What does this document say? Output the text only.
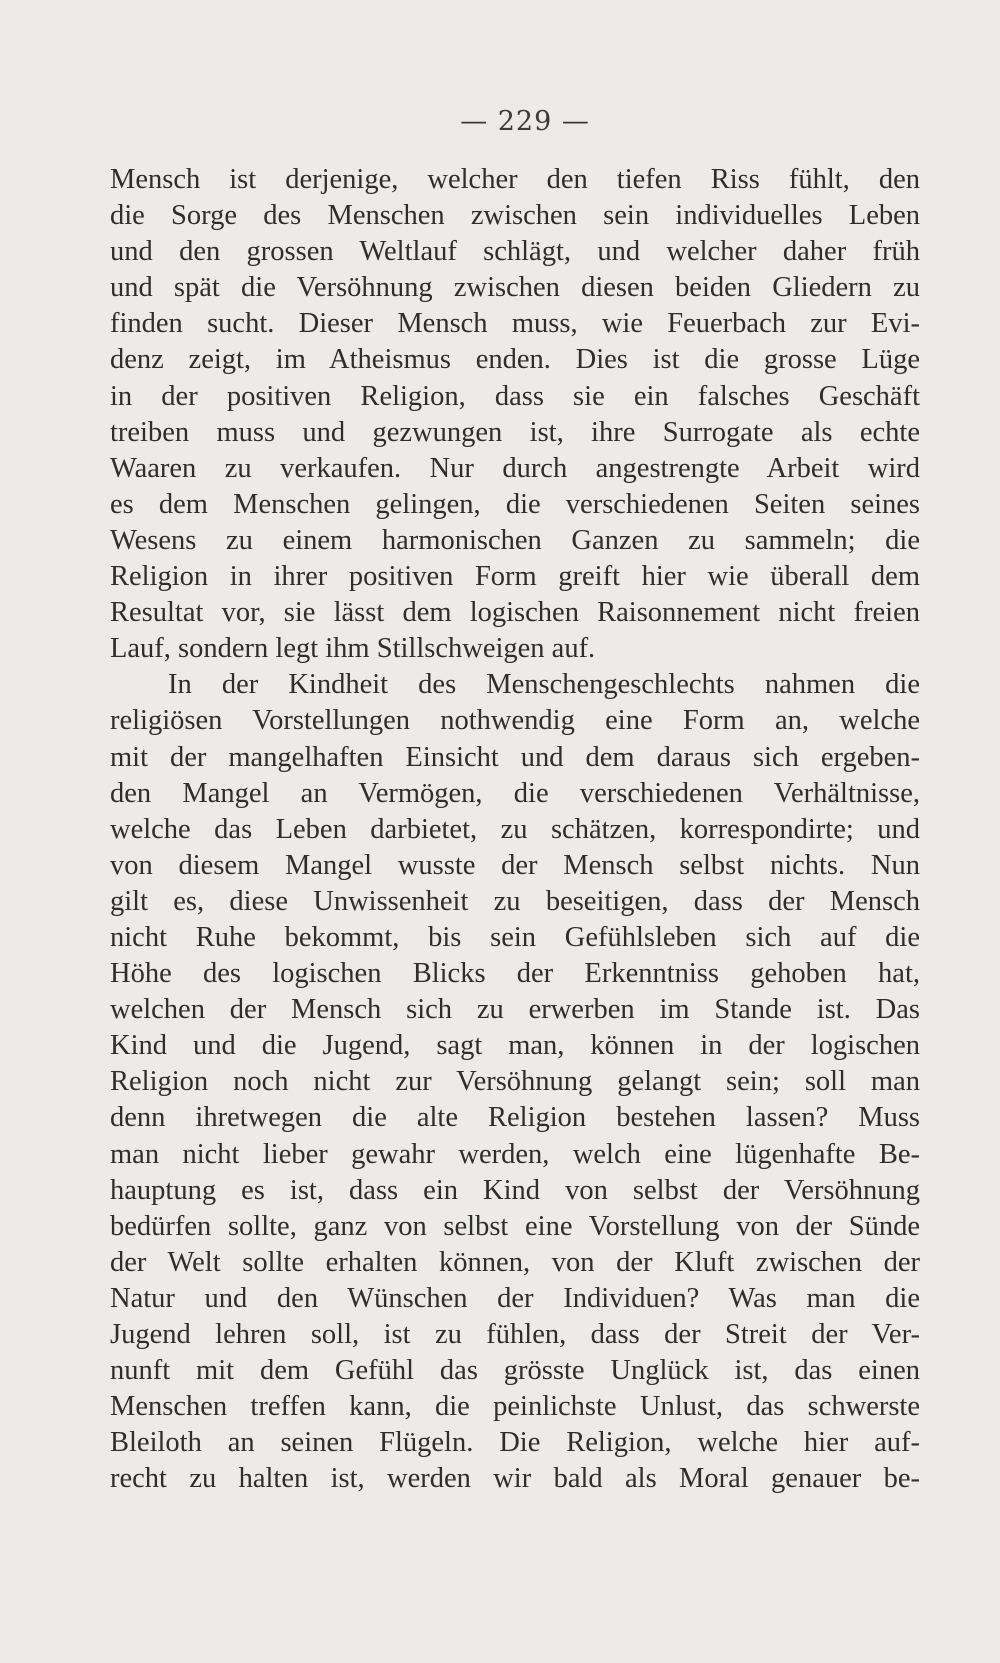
— 229 —
Mensch ist derjenige, welcher den tiefen Riss fühlt, den
die Sorge des Menschen zwischen sein individuelles Leben
und den grossen Weltlauf schlägt, und welcher daher früh
und spät die Versöhnung zwischen diesen beiden Gliedern zu
finden sucht. Dieser Mensch muss, wie Feuerbach zur Evi-
denz zeigt, im Atheismus enden. Dies ist die grosse Lüge
in der positiven Religion, dass sie ein falsches Geschäft
treiben muss und gezwungen ist, ihre Surrogate als echte
Waaren zu verkaufen. Nur durch angestrengte Arbeit wird
es dem Menschen gelingen, die verschiedenen Seiten seines
Wesens zu einem harmonischen Ganzen zu sammeln; die
Religion in ihrer positiven Form greift hier wie überall dem
Resultat vor, sie lässt dem logischen Raisonnement nicht freien
Lauf, sondern legt ihm Stillschweigen auf.
In der Kindheit des Menschengeschlechts nahmen die
religiösen Vorstellungen nothwendig eine Form an, welche
mit der mangelhaften Einsicht und dem daraus sich ergeben-
den Mangel an Vermögen, die verschiedenen Verhältnisse,
welche das Leben darbietet, zu schätzen, korrespondirte; und
von diesem Mangel wusste der Mensch selbst nichts. Nun
gilt es, diese Unwissenheit zu beseitigen, dass der Mensch
nicht Ruhe bekommt, bis sein Gefühlsleben sich auf die
Höhe des logischen Blicks der Erkenntniss gehoben hat,
welchen der Mensch sich zu erwerben im Stande ist. Das
Kind und die Jugend, sagt man, können in der logischen
Religion noch nicht zur Versöhnung gelangt sein; soll man
denn ihretwegen die alte Religion bestehen lassen? Muss
man nicht lieber gewahr werden, welch eine lügenhafte Be-
hauptung es ist, dass ein Kind von selbst der Versöhnung
bedürfen sollte, ganz von selbst eine Vorstellung von der Sünde
der Welt sollte erhalten können, von der Kluft zwischen der
Natur und den Wünschen der Individuen? Was man die
Jugend lehren soll, ist zu fühlen, dass der Streit der Ver-
nunft mit dem Gefühl das grösste Unglück ist, das einen
Menschen treffen kann, die peinlichste Unlust, das schwerste
Bleiloth an seinen Flügeln. Die Religion, welche hier auf-
recht zu halten ist, werden wir bald als Moral genauer be-
